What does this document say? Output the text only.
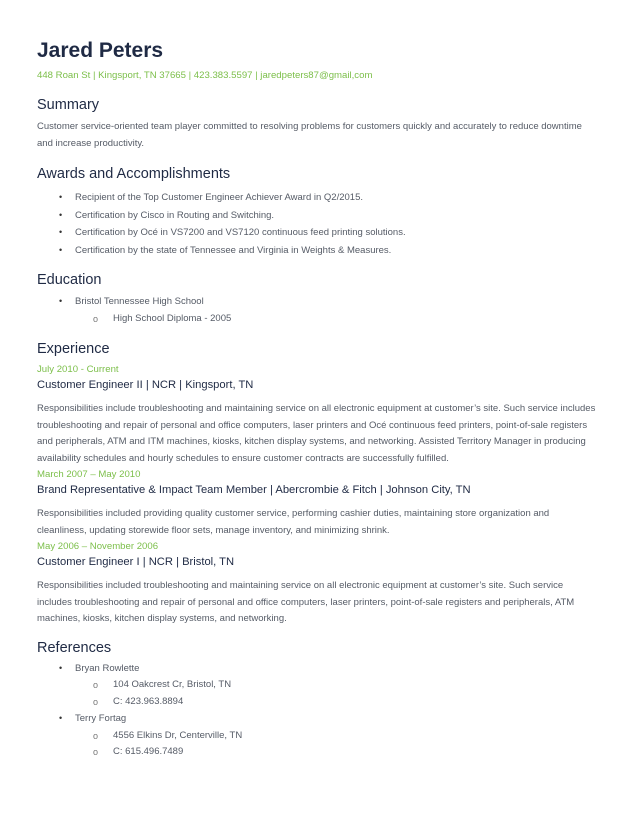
Jared Peters
448 Roan St | Kingsport, TN 37665 | 423.383.5597 | jaredpeters87@gmail,com
Summary
Customer service-oriented team player committed to resolving problems for customers quickly and accurately to reduce downtime and increase productivity.
Awards and Accomplishments
• Recipient of the Top Customer Engineer Achiever Award in Q2/2015.
• Certification by Cisco in Routing and Switching.
• Certification by Océ in VS7200 and VS7120 continuous feed printing solutions.
• Certification by the state of Tennessee and Virginia in Weights & Measures.
Education
• Bristol Tennessee High School
o High School Diploma - 2005
Experience
July 2010 - Current
Customer Engineer II | NCR | Kingsport, TN
Responsibilities include troubleshooting and maintaining service on all electronic equipment at customer’s site. Such service includes troubleshooting and repair of personal and office computers, laser printers and Océ continuous feed printers, point-of-sale registers and peripherals, ATM and ITM machines, kiosks, kitchen display systems, and networking. Assisted Territory Manager in producing availability schedules and hourly schedules to ensure customer contracts are successfully fulfilled.
March 2007 – May 2010
Brand Representative & Impact Team Member | Abercrombie & Fitch | Johnson City, TN
Responsibilities included providing quality customer service, performing cashier duties, maintaining store organization and cleanliness, updating storewide floor sets, manage inventory, and minimizing shrink.
May 2006 – November 2006
Customer Engineer I | NCR | Bristol, TN
Responsibilities included troubleshooting and maintaining service on all electronic equipment at customer’s site. Such service includes troubleshooting and repair of personal and office computers, laser printers, point-of-sale registers and peripherals, ATM machines, kiosks, kitchen display systems, and networking.
References
• Bryan Rowlette
o 104 Oakcrest Cr, Bristol, TN
o C: 423.963.8894
• Terry Fortag
o 4556 Elkins Dr, Centerville, TN
o C: 615.496.7489
